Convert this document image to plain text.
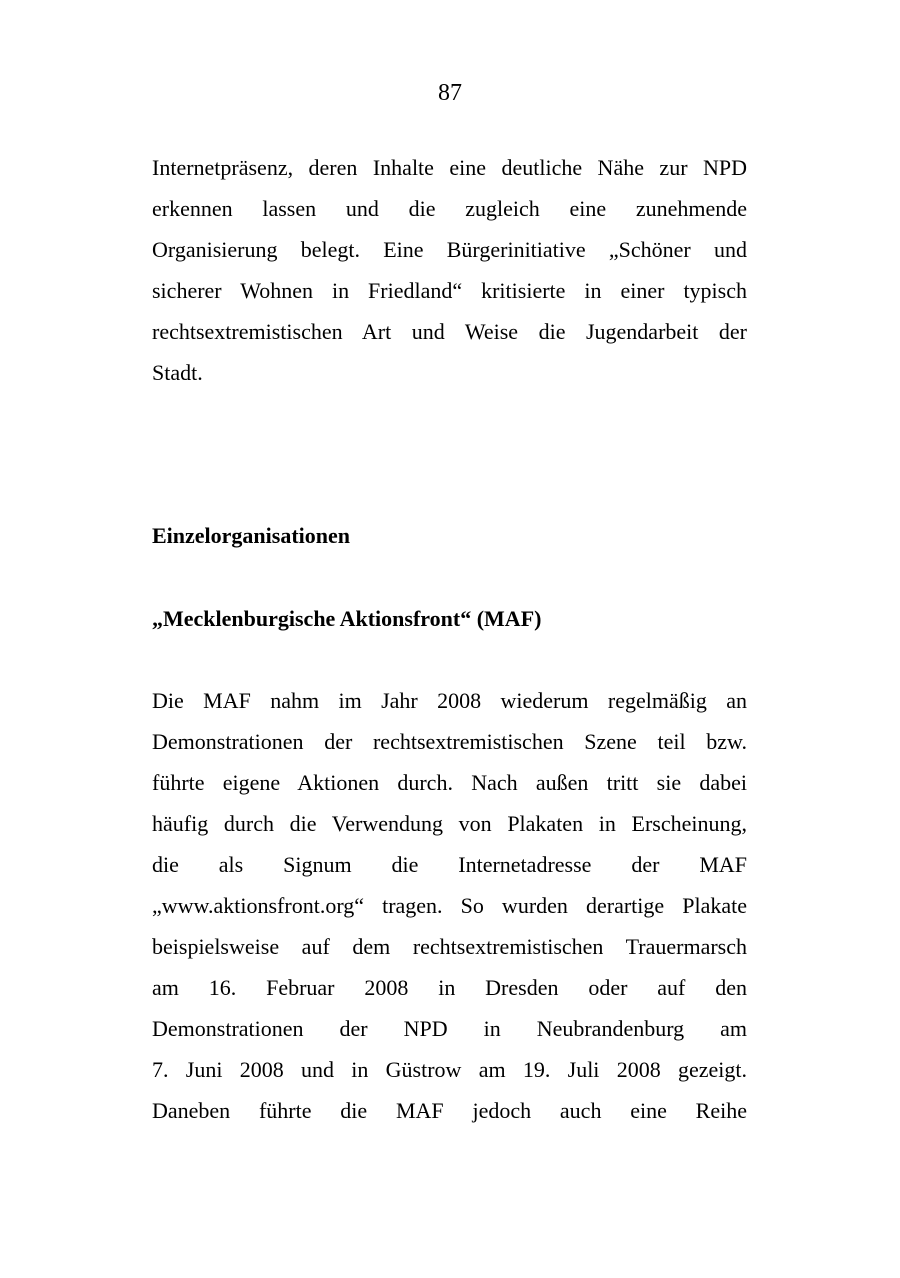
87
Internetpräsenz, deren Inhalte eine deutliche Nähe zur NPD
erkennen lassen und die zugleich eine zunehmende
Organisierung belegt. Eine Bürgerinitiative „Schöner und
sicherer Wohnen in Friedland“ kritisierte in einer typisch
rechtsextremistischen Art und Weise die Jugendarbeit der
Stadt.
Einzelorganisationen
„Mecklenburgische Aktionsfront“ (MAF)
Die MAF nahm im Jahr 2008 wiederum regelmäßig an
Demonstrationen der rechtsextremistischen Szene teil bzw.
führte eigene Aktionen durch. Nach außen tritt sie dabei
häufig durch die Verwendung von Plakaten in Erscheinung,
die als Signum die Internetadresse der MAF
„www.aktionsfront.org“ tragen. So wurden derartige Plakate
beispielsweise auf dem rechtsextremistischen Trauermarsch
am 16. Februar 2008 in Dresden oder auf den
Demonstrationen der NPD in Neubrandenburg am
7. Juni 2008 und in Güstrow am 19. Juli 2008 gezeigt.
Daneben führte die MAF jedoch auch eine Reihe
